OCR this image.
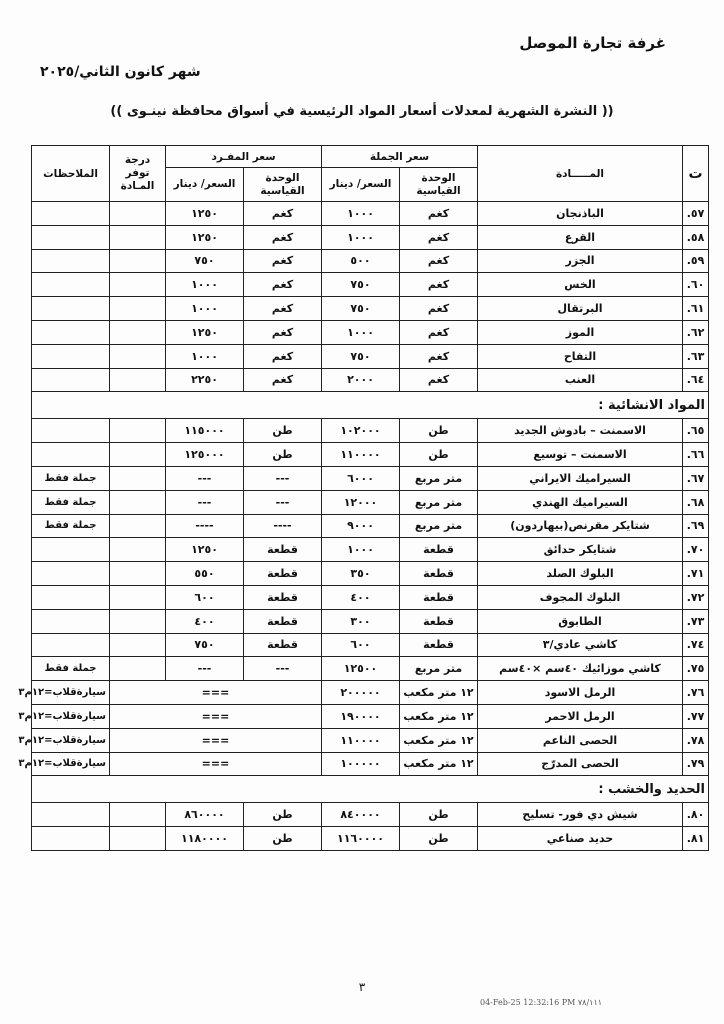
غرفة تجارة الموصل
شهر كانون الثاني/٢٠٢٥
(( النشرة الشهرية لمعدلات أسعار المواد الرئيسية في أسواق محافظة نينـوى ))
ت	المـــــادة	سعر الجملة		سعر المفـرد		درجة توفر المـادة	الملاحظات
		الوحدة القياسية	السعر/ دينار	الوحدة القياسية	السعر/ دينار		
.٥٧	الباذنجان	كغم	١٠٠٠	كغم	١٢٥٠		
.٥٨	القرع	كغم	١٠٠٠	كغم	١٢٥٠		
.٥٩	الجزر	كغم	٥٠٠	كغم	٧٥٠		
.٦٠	الخس	كغم	٧٥٠	كغم	١٠٠٠		
.٦١	البرتقال	كغم	٧٥٠	كغم	١٠٠٠		
.٦٢	الموز	كغم	١٠٠٠	كغم	١٢٥٠		
.٦٣	التفاح	كغم	٧٥٠	كغم	١٠٠٠		
.٦٤	العنب	كغم	٢٠٠٠	كغم	٢٢٥٠		
المواد الانشائية :							
.٦٥	الاسمنت – بادوش الجديد	طن	١٠٢٠٠٠	طن	١١٥٠٠٠		
.٦٦	الاسمنت – توسيع	طن	١١٠٠٠٠	طن	١٢٥٠٠٠		
.٦٧	السيراميك الايراني	متر مربع	٦٠٠٠	---	---		جملة فقط
.٦٨	السيراميك الهندي	متر مربع	١٢٠٠٠	---	---		جملة فقط
.٦٩	شتايكر مقرنص(بيهاردون)	متر مربع	٩٠٠٠	----	----		جملة فقط
.٧٠	شتايكر حدائق	قطعة	١٠٠٠	قطعة	١٢٥٠		
.٧١	البلوك الصلد	قطعة	٣٥٠	قطعة	٥٥٠		
.٧٢	البلوك المجوف	قطعة	٤٠٠	قطعة	٦٠٠		
.٧٣	الطابوق	قطعة	٣٠٠	قطعة	٤٠٠		
.٧٤	كاشي عادي/٣	قطعة	٦٠٠	قطعة	٧٥٠		
.٧٥	كاشي موزائيك ٤٠سم ×٤٠سم	متر مربع	١٢٥٠٠	---	---		جملة فقط
.٧٦	الرمل الاسود	١٢ متر مكعب	٢٠٠٠٠٠	===			سيارةقلاب=١٢م٣
.٧٧	الرمل الاحمر	١٢ متر مكعب	١٩٠٠٠٠	===			سيارةقلاب=١٢م٣
.٧٨	الحصى الناعم	١٢ متر مكعب	١١٠٠٠٠	===			سيارةقلاب=١٢م٣
.٧٩	الحصى المدرّج	١٢ متر مكعب	١٠٠٠٠٠	===			سيارةقلاب=١٢م٣
الحديد والخشب :							
.٨٠	شيش دي فور- تسليح	طن	٨٤٠٠٠٠	طن	٨٦٠٠٠٠		
.٨١	حديد صناعي	طن	١١٦٠٠٠٠	طن	١١٨٠٠٠٠		
٣
04-Feb-25 12:32:16 PM ٧٨/١١١
